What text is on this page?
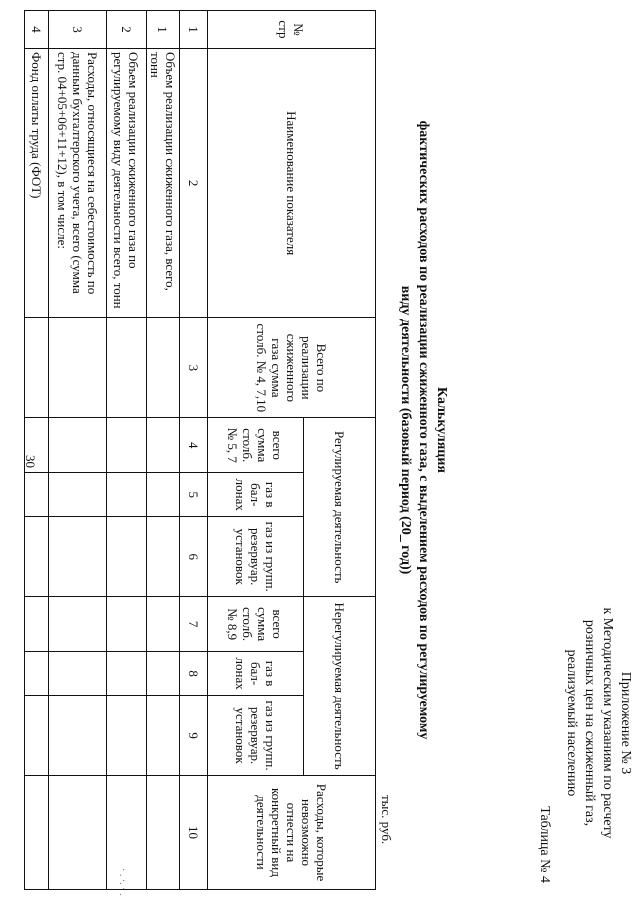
30
· . ·. · .
Приложение № 3
к Методическим указаниям по расчету
розничных цен на сжиженный газ,
реализуемый населению
Таблица № 4
Калькуляция
фактических расходов по реализации сжиженного газа, с выделением расходов по регулируемому
виду деятельности (базовый период (20_ год))
тыс. руб.
№ стр	Наименование показателя	Всего по реализации сжиженного газа сумма столб. № 4, 7,10	Регулируемая деятельность			Нерегулируемая деятельность			Расходы, которые невозможно отнести на конкретный вид деятельности
			всего сумма столб. № 5, 7	газ в бал-лонах	газ из групп. резервуар. установок	всего сумма столб. № 8,9	газ в бал-лонах	газ из групп. резервуар. установок	
1	2	3	4	5	6	7	8	9	10
1	Объем реализации сжиженного газа, всего, тонн								
2	Объем реализации сжиженного газа по регулируемому виду деятельности всего, тонн								
3	Расходы, относящиеся на себестоимость по данным бухгалтерского учета, всего (сумма стр. 04+05+06+11+12), в том числе:								
4	Фонд оплаты труда (ФОТ)								
